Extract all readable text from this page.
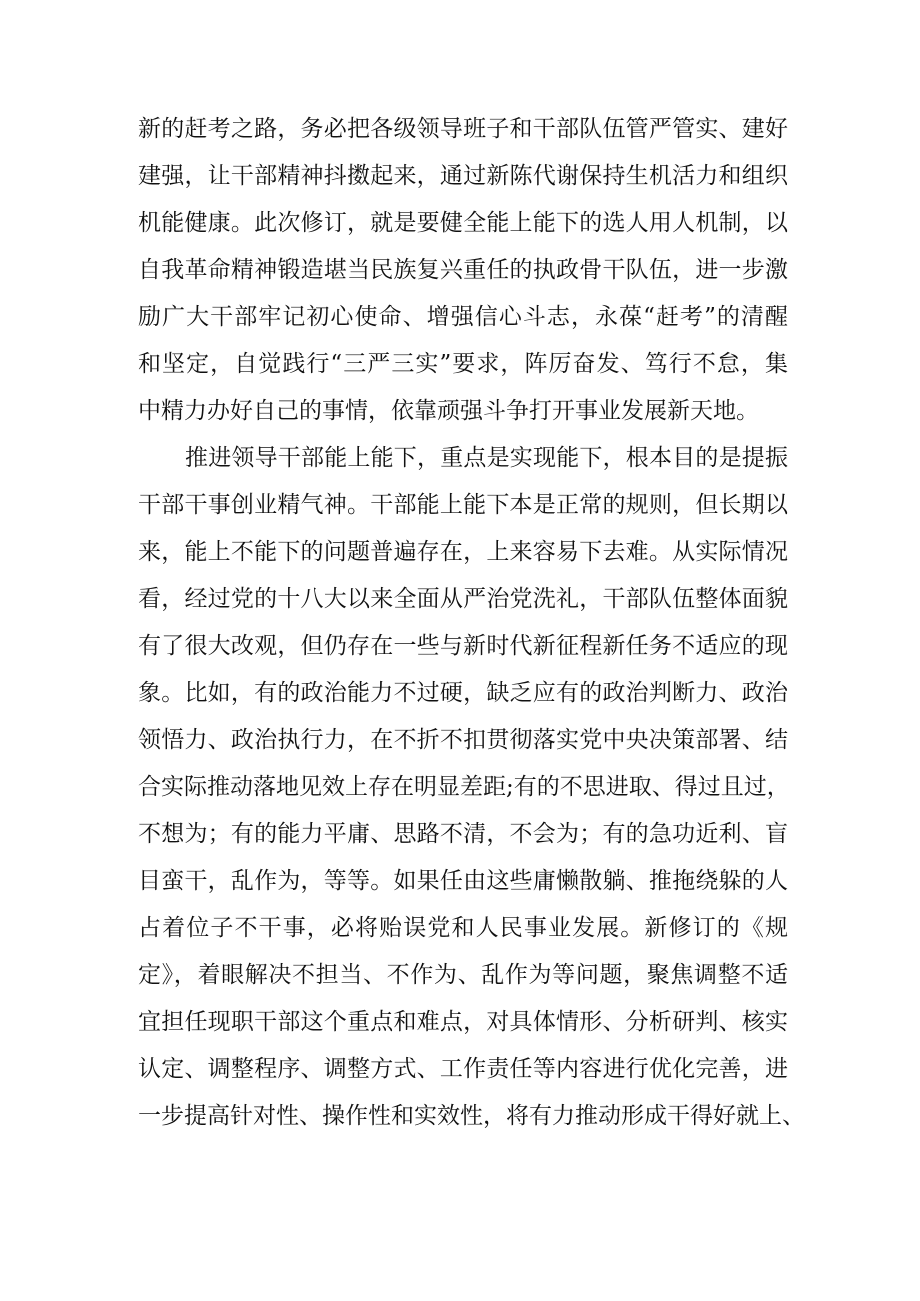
新的赶考之路，务必把各级领导班子和干部队伍管严管实、建好
建强，让干部精神抖擞起来，通过新陈代谢保持生机活力和组织
机能健康。此次修订，就是要健全能上能下的选人用人机制，以
自我革命精神锻造堪当民族复兴重任的执政骨干队伍，进一步激
励广大干部牢记初心使命、增强信心斗志，永葆“赶考”的清醒
和坚定，自觉践行“三严三实”要求，阵厉奋发、笃行不怠，集
中精力办好自己的事情，依靠顽强斗争打开事业发展新天地。
推进领导干部能上能下，重点是实现能下，根本目的是提振
干部干事创业精气神。干部能上能下本是正常的规则，但长期以
来，能上不能下的问题普遍存在，上来容易下去难。从实际情况
看，经过党的十八大以来全面从严治党洗礼，干部队伍整体面貌
有了很大改观，但仍存在一些与新时代新征程新任务不适应的现
象。比如，有的政治能力不过硬，缺乏应有的政治判断力、政治
领悟力、政治执行力，在不折不扣贯彻落实党中央决策部署、结
合实际推动落地见效上存在明显差距;有的不思进取、得过且过，
不想为；有的能力平庸、思路不清，不会为；有的急功近利、盲
目蛮干，乱作为，等等。如果任由这些庸懒散躺、推拖绕躲的人
占着位子不干事，必将贻误党和人民事业发展。新修订的《规
定》，着眼解决不担当、不作为、乱作为等问题，聚焦调整不适
宜担任现职干部这个重点和难点，对具体情形、分析研判、核实
认定、调整程序、调整方式、工作责任等内容进行优化完善，进
一步提高针对性、操作性和实效性，将有力推动形成干得好就上、
